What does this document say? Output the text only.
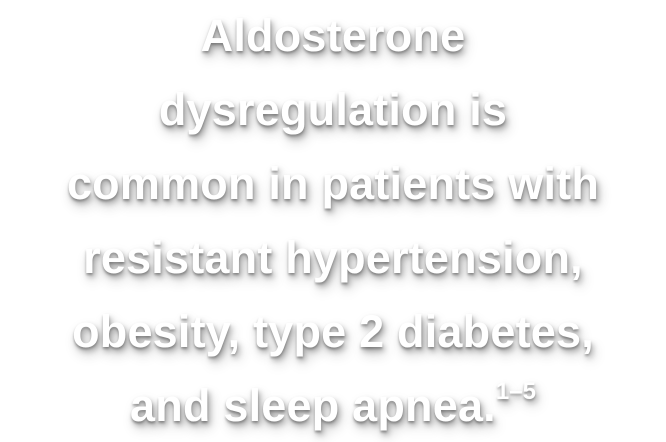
Aldosterone
dysregulation is
common in patients with
resistant hypertension,
obesity, type 2 diabetes,
and sleep apnea.$^{1-5}$
